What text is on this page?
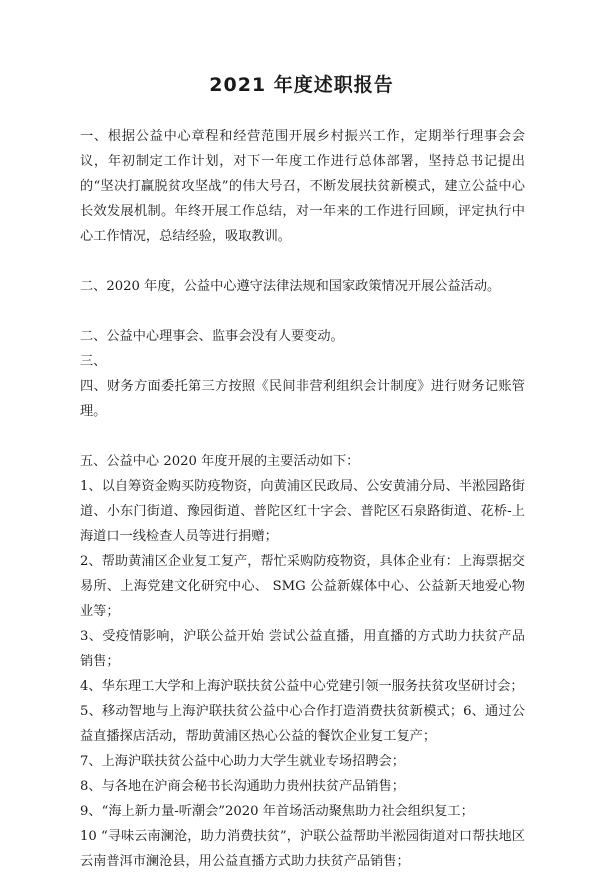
2021 年度述职报告

一、根据公益中心章程和经营范围开展乡村振兴工作，定期举行理事会会议，年初制定工作计划，对下一年度工作进行总体部署，坚持总书记提出的“坚决打赢脱贫攻坚战”的伟大号召，不断发展扶贫新模式，建立公益中心长效发展机制。年终开展工作总结，对一年来的工作进行回顾，评定执行中心工作情况，总结经验，吸取教训。

二、2020 年度，公益中心遵守法律法规和国家政策情况开展公益活动。

二、公益中心理事会、监事会没有人要变动。

三、

四、财务方面委托第三方按照《民间非营利组织会计制度》进行财务记账管理。

五、公益中心 2020 年度开展的主要活动如下：

1、以自筹资金购买防疫物资，向黄浦区民政局、公安黄浦分局、半淞园路街道、小东门街道、豫园街道、普陀区红十字会、普陀区石泉路街道、花桥-上海道口一线检查人员等进行捐赠；

2、帮助黄浦区企业复工复产，帮忙采购防疫物资，具体企业有：上海票据交易所、上海党建文化研究中心、 SMG 公益新媒体中心、公益新天地爱心物业等；

3、受疫情影响，沪联公益开始 尝试公益直播，用直播的方式助力扶贫产品销售；

4、华东理工大学和上海沪联扶贫公益中心党建引领一服务扶贫攻坚研讨会；

5、移动智地与上海沪联扶贫公益中心合作打造消费扶贫新模式；6、通过公益直播探店活动，帮助黄浦区热心公益的餐饮企业复工复产；

7、上海沪联扶贫公益中心助力大学生就业专场招聘会；

8、与各地在沪商会秘书长沟通助力贵州扶贫产品销售；

9、“海上新力量-听潮会”2020 年首场活动聚焦助力社会组织复工；

10 “寻味云南澜沧，助力消费扶贫”，沪联公益帮助半淞园街道对口帮扶地区云南普洱市澜沧县，用公益直播方式助力扶贫产品销售；
